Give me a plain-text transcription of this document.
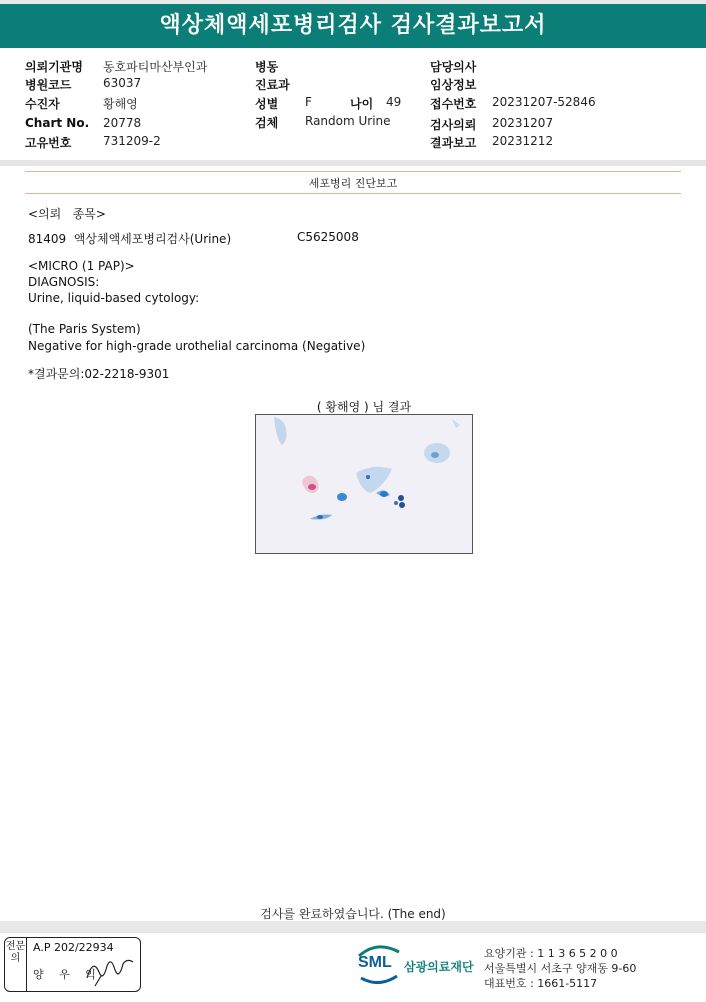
액상체액세포병리검사 검사결과보고서
의뢰기관명 동호파티마산부인과
병원코드	63037
수진자	황해영
Chart No. 20778
고유번호	731209-2
병동
진료과
성별 F	나이 49
검체 Random Urine
담당의사
임상정보
접수번호 20231207-52846
검사의뢰 20231207
결과보고 20231212
세포병리 진단보고
<의뢰   종목>
81409  액상체액세포병리검사(Urine)	C5625008
<MICRO (1 PAP)>
DIAGNOSIS:
Urine, liquid-based cytology:
(The Paris System)
Negative for high-grade urothelial carcinoma (Negative)
*결과문의:02-2218-9301
( 황해영 ) 님 결과
검사를 완료하였습니다. (The end)
전문의
A.P 202/22934
양 우 익
SML 삼광의료재단
요양기관 : 1 1 3 6 5 2 0 0
서울특별시 서초구 양재동 9-60
대표번호 : 1661-5117
